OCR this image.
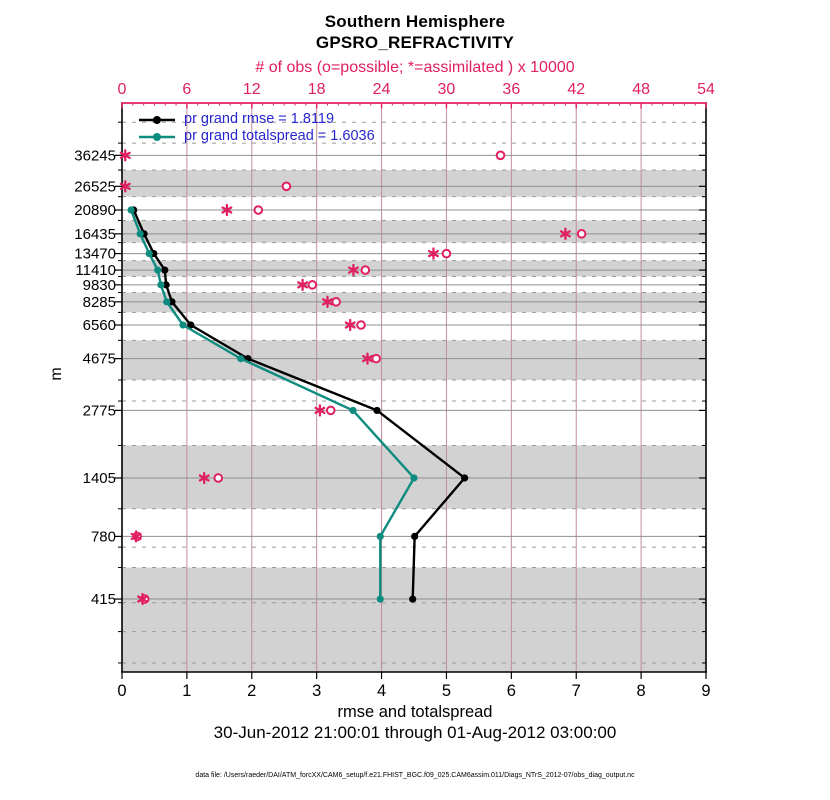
0	6	12	18	24	30	36	42	48	54
0	1	2	3	4	5	6	7	8	9
36245
26525
20890
16435
13470
11410
9830
8285
6560
4675
2775
1405
780
415
Southern Hemisphere
GPSRO_REFRACTIVITY
# of obs (o=possible; *=assimilated ) x 10000
pr grand rmse = 1.8119
pr grand totalspread = 1.6036
m
rmse and totalspread
30-Jun-2012 21:00:01 through 01-Aug-2012 03:00:00
data file: /Users/raeder/DAI/ATM_forcXX/CAM6_setup/f.e21.FHIST_BGC.f09_025.CAM6assim.011/Diags_NTrS_2012-07/obs_diag_output.nc
